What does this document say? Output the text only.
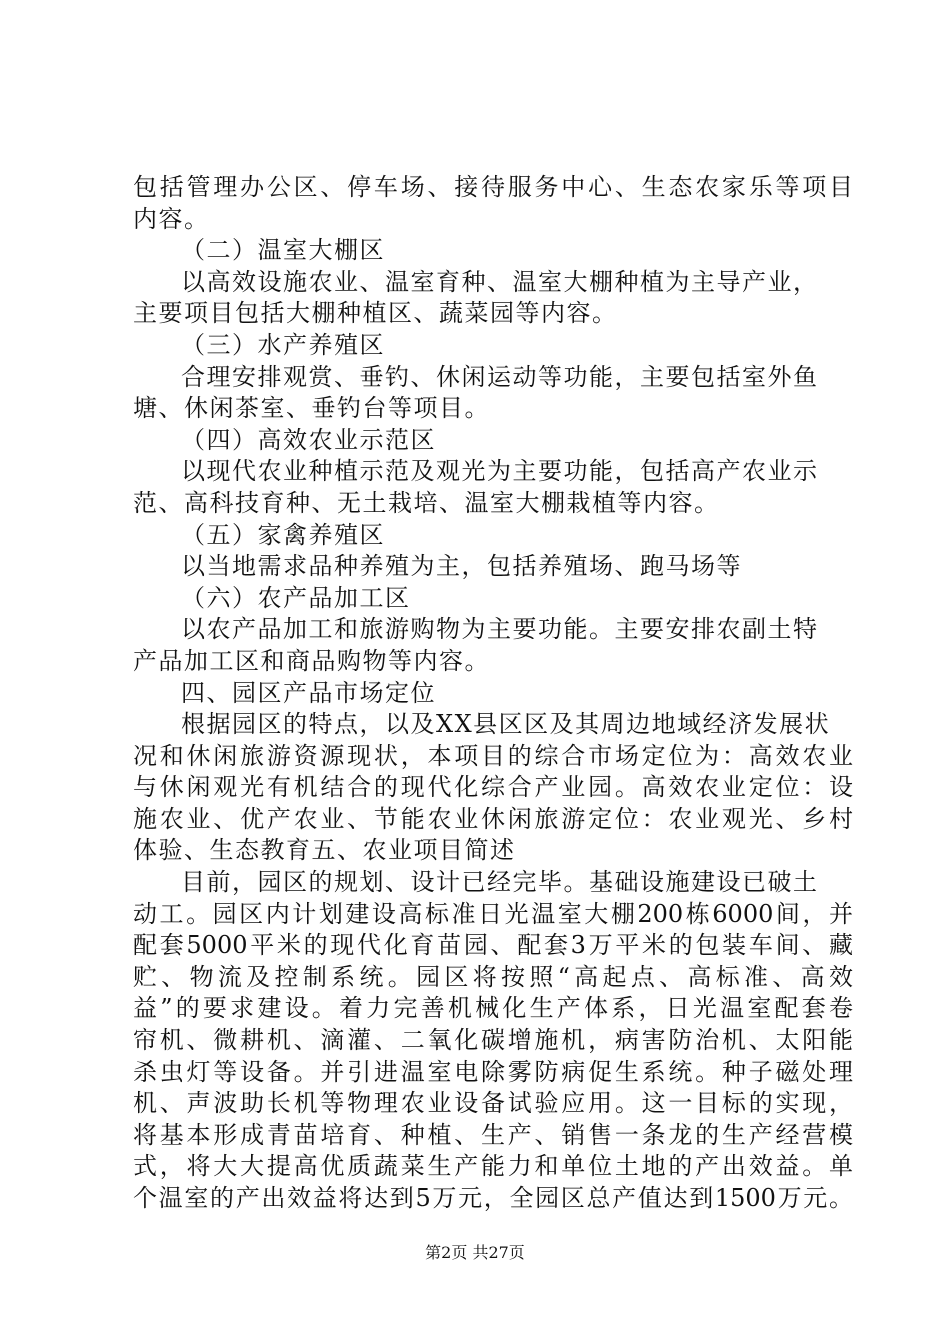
包括管理办公区、停车场、接待服务中心、生态农家乐等项目
内容。
（二）温室大棚区
以高效设施农业、温室育种、温室大棚种植为主导产业，
主要项目包括大棚种植区、蔬菜园等内容。
（三）水产养殖区
合理安排观赏、垂钓、休闲运动等功能，主要包括室外鱼
塘、休闲茶室、垂钓台等项目。
（四）高效农业示范区
以现代农业种植示范及观光为主要功能，包括高产农业示
范、高科技育种、无土栽培、温室大棚栽植等内容。
（五）家禽养殖区
以当地需求品种养殖为主，包括养殖场、跑马场等
（六）农产品加工区
以农产品加工和旅游购物为主要功能。主要安排农副土特
产品加工区和商品购物等内容。
四、园区产品市场定位
根据园区的特点，以及XX县区区及其周边地域经济发展状
况和休闲旅游资源现状，本项目的综合市场定位为：高效农业
与休闲观光有机结合的现代化综合产业园。高效农业定位：设
施农业、优产农业、节能农业休闲旅游定位：农业观光、乡村
体验、生态教育五、农业项目简述
目前，园区的规划、设计已经完毕。基础设施建设已破土
动工。园区内计划建设高标准日光温室大棚200栋6000间，并
配套5000平米的现代化育苗园、配套3万平米的包装车间、藏
贮、物流及控制系统。园区将按照“高起点、高标准、高效
益”的要求建设。着力完善机械化生产体系，日光温室配套卷
帘机、微耕机、滴灌、二氧化碳增施机，病害防治机、太阳能
杀虫灯等设备。并引进温室电除雾防病促生系统。种子磁处理
机、声波助长机等物理农业设备试验应用。这一目标的实现，
将基本形成青苗培育、种植、生产、销售一条龙的生产经营模
式，将大大提高优质蔬菜生产能力和单位土地的产出效益。单
个温室的产出效益将达到5万元，全园区总产值达到1500万元。
第2页 共27页
